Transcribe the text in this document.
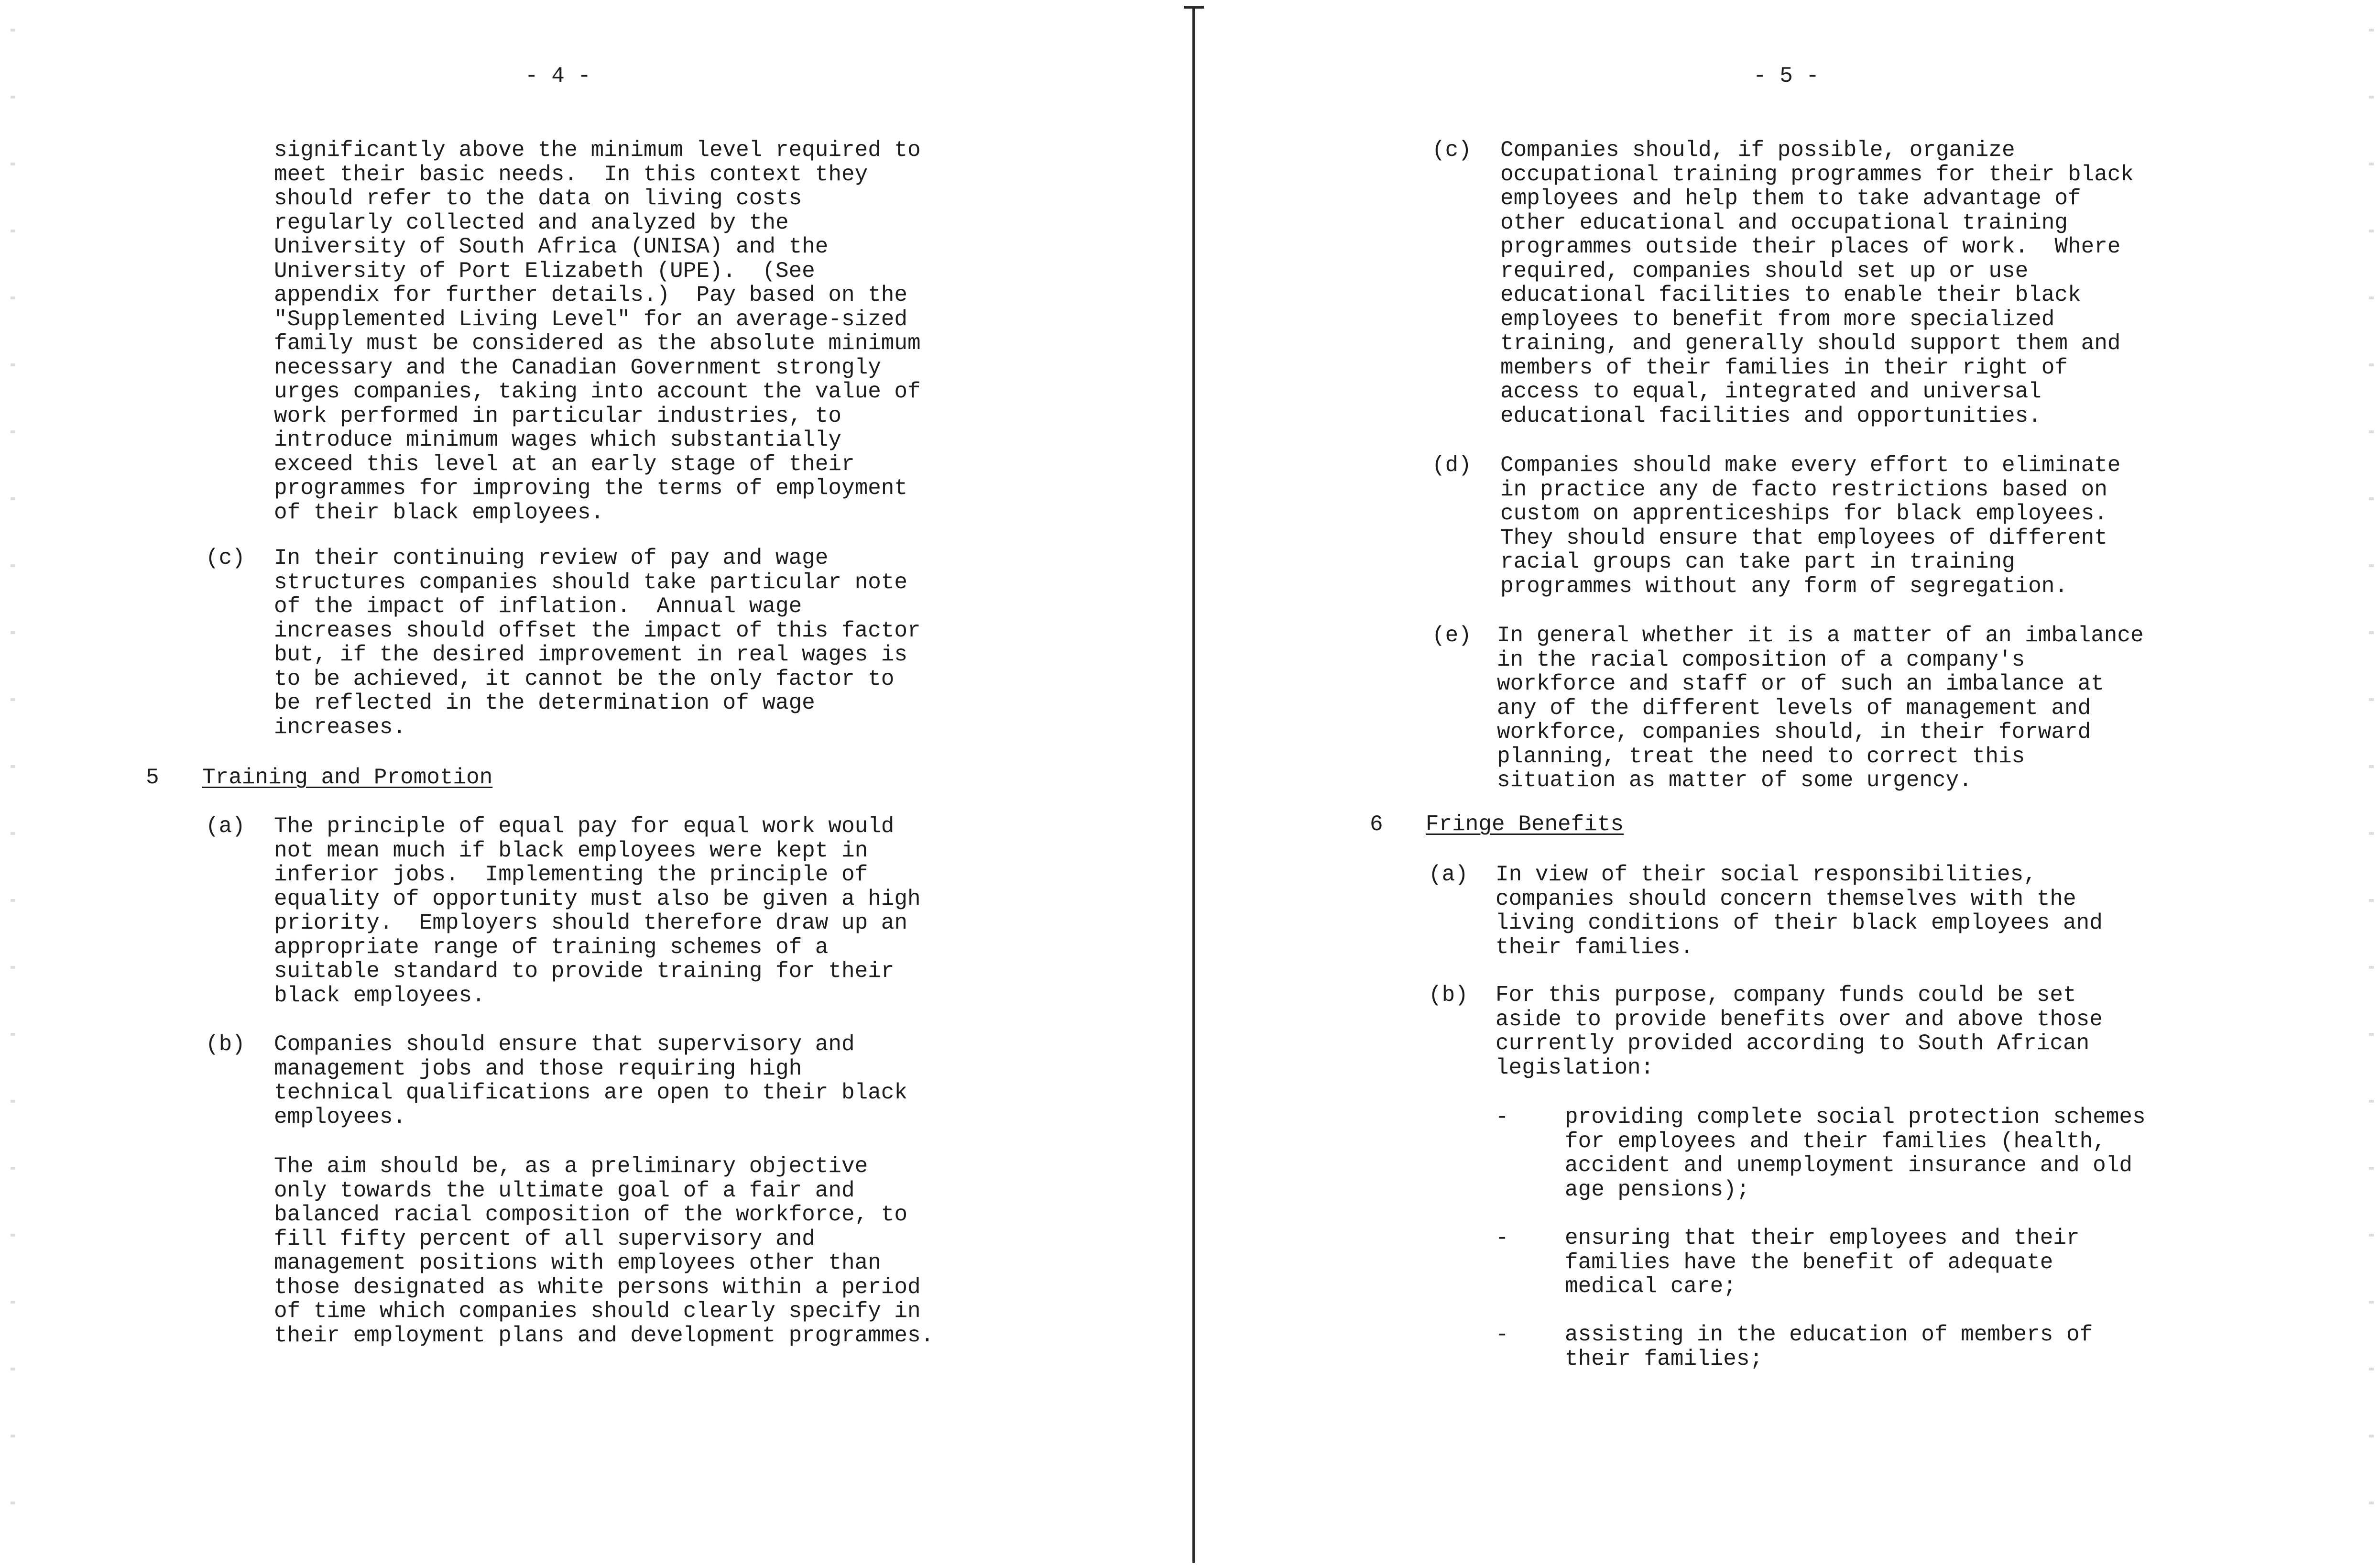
- 4 -
significantly above the minimum level required to
meet their basic needs.  In this context they
should refer to the data on living costs
regularly collected and analyzed by the
University of South Africa (UNISA) and the
University of Port Elizabeth (UPE).  (See
appendix for further details.)  Pay based on the
"Supplemented Living Level" for an average-sized
family must be considered as the absolute minimum
necessary and the Canadian Government strongly
urges companies, taking into account the value of
work performed in particular industries, to
introduce minimum wages which substantially
exceed this level at an early stage of their
programmes for improving the terms of employment
of their black employees.
(c) In their continuing review of pay and wage
structures companies should take particular note
of the impact of inflation.  Annual wage
increases should offset the impact of this factor
but, if the desired improvement in real wages is
to be achieved, it cannot be the only factor to
be reflected in the determination of wage
increases.
5 Training and Promotion
(a) The principle of equal pay for equal work would
not mean much if black employees were kept in
inferior jobs.  Implementing the principle of
equality of opportunity must also be given a high
priority.  Employers should therefore draw up an
appropriate range of training schemes of a
suitable standard to provide training for their
black employees.
(b) Companies should ensure that supervisory and
management jobs and those requiring high
technical qualifications are open to their black
employees.
The aim should be, as a preliminary objective
only towards the ultimate goal of a fair and
balanced racial composition of the workforce, to
fill fifty percent of all supervisory and
management positions with employees other than
those designated as white persons within a period
of time which companies should clearly specify in
their employment plans and development programmes.
- 5 -
(c) Companies should, if possible, organize
occupational training programmes for their black
employees and help them to take advantage of
other educational and occupational training
programmes outside their places of work.  Where
required, companies should set up or use
educational facilities to enable their black
employees to benefit from more specialized
training, and generally should support them and
members of their families in their right of
access to equal, integrated and universal
educational facilities and opportunities.
(d) Companies should make every effort to eliminate
in practice any de facto restrictions based on
custom on apprenticeships for black employees.
They should ensure that employees of different
racial groups can take part in training
programmes without any form of segregation.
(e) In general whether it is a matter of an imbalance
in the racial composition of a company's
workforce and staff or of such an imbalance at
any of the different levels of management and
workforce, companies should, in their forward
planning, treat the need to correct this
situation as matter of some urgency.
6 Fringe Benefits
(a) In view of their social responsibilities,
companies should concern themselves with the
living conditions of their black employees and
their families.
(b) For this purpose, company funds could be set
aside to provide benefits over and above those
currently provided according to South African
legislation:
-	providing complete social protection schemes
for employees and their families (health,
accident and unemployment insurance and old
age pensions);
-	ensuring that their employees and their
families have the benefit of adequate
medical care;
-	assisting in the education of members of
their families;
